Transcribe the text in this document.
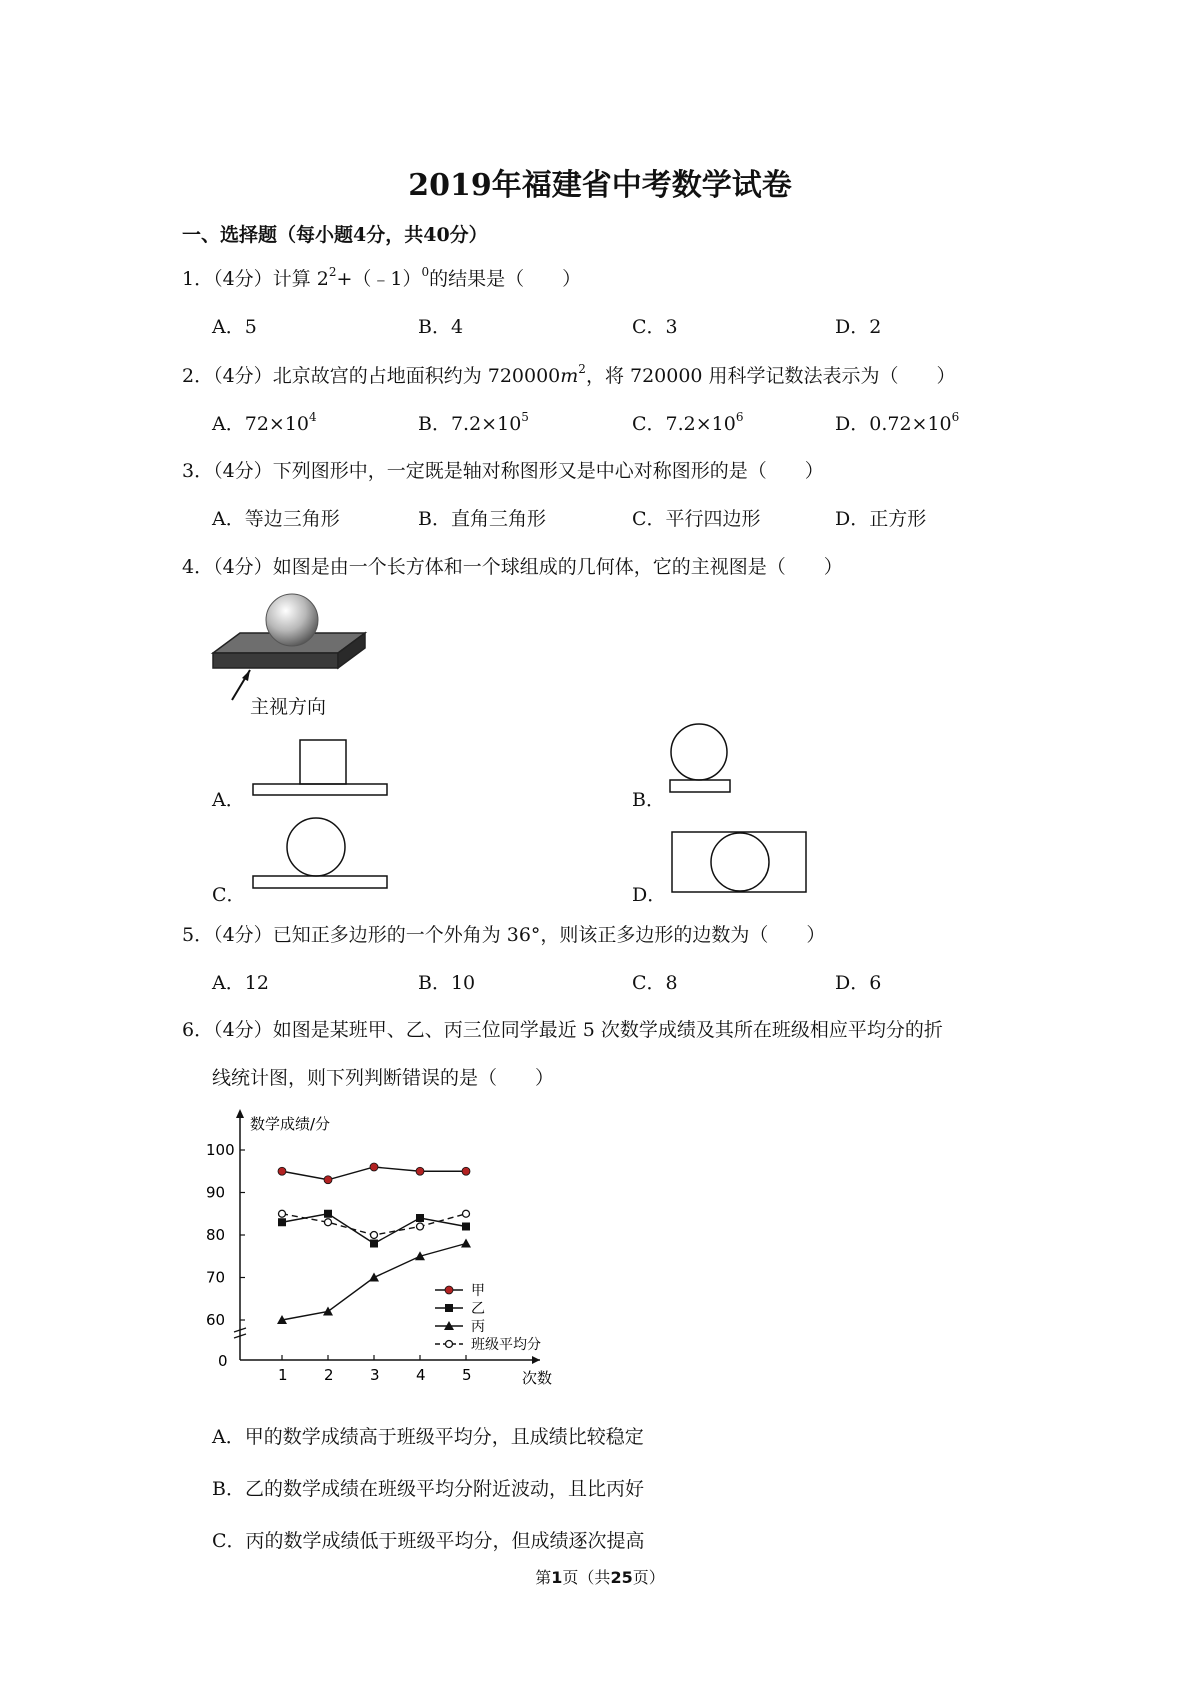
2019年福建省中考数学试卷
一、选择题（每小题4分，共40分）
1．（4分）计算 $2^2+(﹣1)^0$的结果是（　　）
A．5	B．4	C．3	D．2
2．（4分）北京故宫的占地面积约为 $720000m^2$，将 720000 用科学记数法表示为（　　）
A．$72\times 10^4$	B．$7.2\times 10^5$	C．$7.2\times 10^6$	D．$0.72\times 10^6$
3．（4分）下列图形中，一定既是轴对称图形又是中心对称图形的是（　　）
A．等边三角形	B．直角三角形	C．平行四边形	D．正方形
4．（4分）如图是由一个长方体和一个球组成的几何体，它的主视图是（　　）
主视方向
A．	B．
C．	D．
5．（4分）已知正多边形的一个外角为 36°，则该正多边形的边数为（　　）
A．12	B．10	C．8	D．6
6．（4分）如图是某班甲、乙、丙三位同学最近 5 次数学成绩及其所在班级相应平均分的折
线统计图，则下列判断错误的是（　　）
数学成绩/分
次数
0
60
70
80
90
100
1 2 3 4 5
甲
乙
丙
班级平均分
A．甲的数学成绩高于班级平均分，且成绩比较稳定
B．乙的数学成绩在班级平均分附近波动，且比丙好
C．丙的数学成绩低于班级平均分，但成绩逐次提高
第1页（共25页）
